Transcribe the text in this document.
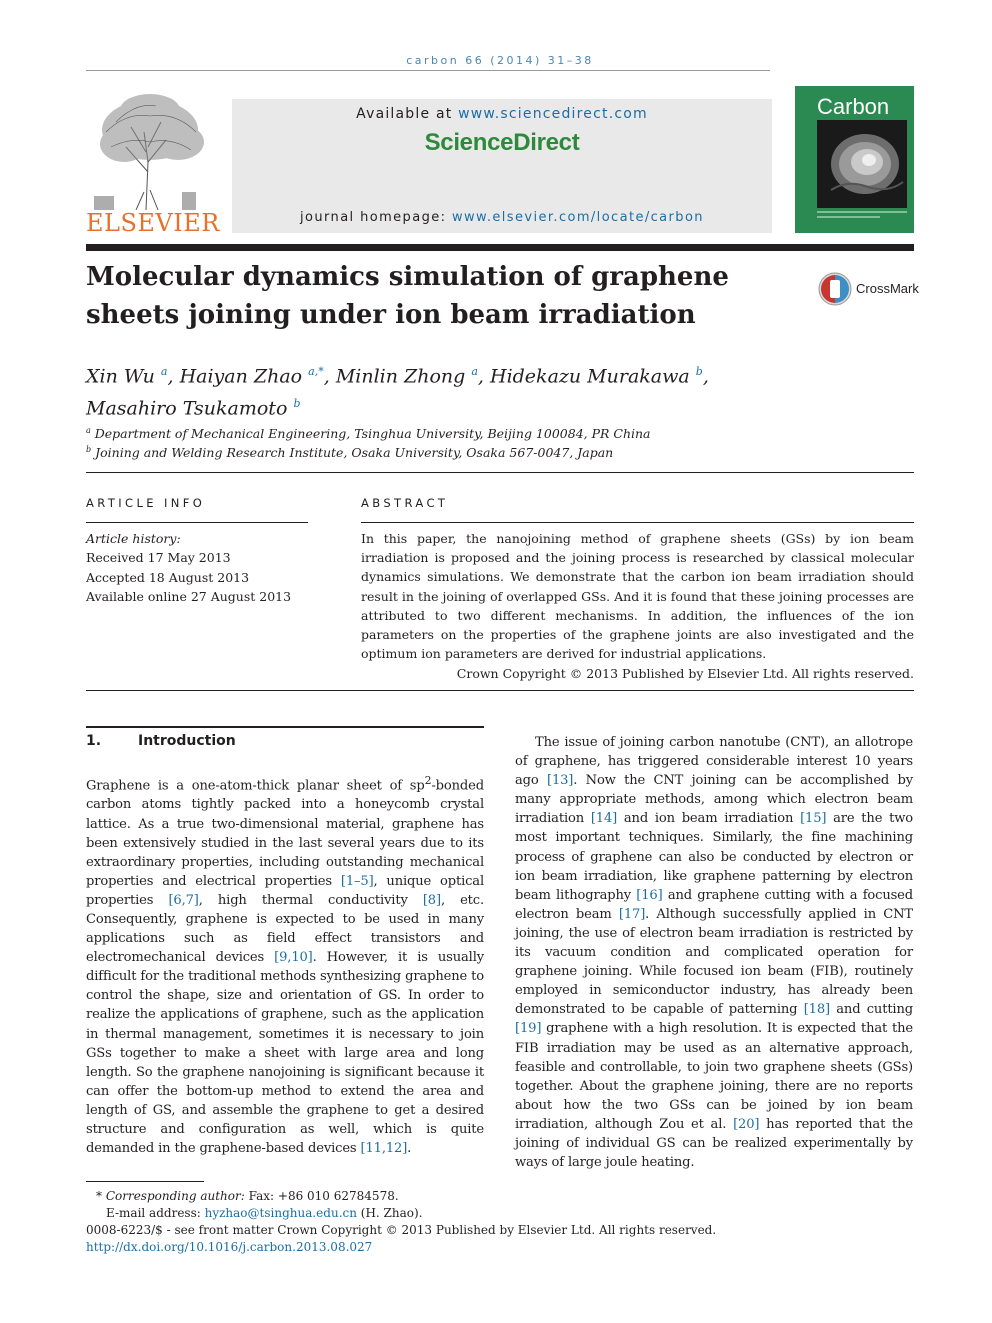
carbon 66 (2014) 31–38
ELSEVIER
Available at www.sciencedirect.com
ScienceDirect
journal homepage: www.elsevier.com/locate/carbon
Carbon
Molecular dynamics simulation of graphene sheets joining under ion beam irradiation
CrossMark
Xin Wu $^a$, Haiyan Zhao $^{a,*}$, Minlin Zhong $^a$, Hidekazu Murakawa $^b$,
Masahiro Tsukamoto $^b$
$^a$ Department of Mechanical Engineering, Tsinghua University, Beijing 100084, PR China
$^b$ Joining and Welding Research Institute, Osaka University, Osaka 567-0047, Japan
ARTICLE INFO
Article history:
Received 17 May 2013
Accepted 18 August 2013
Available online 27 August 2013
ABSTRACT
In this paper, the nanojoining method of graphene sheets (GSs) by ion beam irradiation is proposed and the joining process is researched by classical molecular dynamics simulations. We demonstrate that the carbon ion beam irradiation should result in the joining of overlapped GSs. And it is found that these joining processes are attributed to two different mechanisms. In addition, the influences of the ion parameters on the properties of the graphene joints are also investigated and the optimum ion parameters are derived for industrial applications.
Crown Copyright © 2013 Published by Elsevier Ltd. All rights reserved.
1.	Introduction

Graphene is a one-atom-thick planar sheet of $sp^2$-bonded carbon atoms tightly packed into a honeycomb crystal lattice. As a true two-dimensional material, graphene has been extensively studied in the last several years due to its extraordinary properties, including outstanding mechanical properties and electrical properties [1–5], unique optical properties [6,7], high thermal conductivity [8], etc. Consequently, graphene is expected to be used in many applications such as field effect transistors and electromechanical devices [9,10]. However, it is usually difficult for the traditional methods synthesizing graphene to control the shape, size and orientation of GS. In order to realize the applications of graphene, such as the application in thermal management, sometimes it is necessary to join GSs together to make a sheet with large area and long length. So the graphene nanojoining is significant because it can offer the bottom-up method to extend the area and length of GS, and assemble the graphene to get a desired structure and configuration as well, which is quite demanded in the graphene-based devices [11,12].

The issue of joining carbon nanotube (CNT), an allotrope of graphene, has triggered considerable interest 10 years ago [13]. Now the CNT joining can be accomplished by many appropriate methods, among which electron beam irradiation [14] and ion beam irradiation [15] are the two most important techniques. Similarly, the fine machining process of graphene can also be conducted by electron or ion beam irradiation, like graphene patterning by electron beam lithography [16] and graphene cutting with a focused electron beam [17]. Although successfully applied in CNT joining, the use of electron beam irradiation is restricted by its vacuum condition and complicated operation for graphene joining. While focused ion beam (FIB), routinely employed in semiconductor industry, has already been demonstrated to be capable of patterning [18] and cutting [19] graphene with a high resolution. It is expected that the FIB irradiation may be used as an alternative approach, feasible and controllable, to join two graphene sheets (GSs) together. About the graphene joining, there are no reports about how the two GSs can be joined by ion beam irradiation, although Zou et al. [20] has reported that the joining of individual GS can be realized experimentally by ways of large joule heating.

* Corresponding author: Fax: +86 010 62784578.
E-mail address: hyzhao@tsinghua.edu.cn (H. Zhao).
0008-6223/$ - see front matter Crown Copyright © 2013 Published by Elsevier Ltd. All rights reserved.
http://dx.doi.org/10.1016/j.carbon.2013.08.027
